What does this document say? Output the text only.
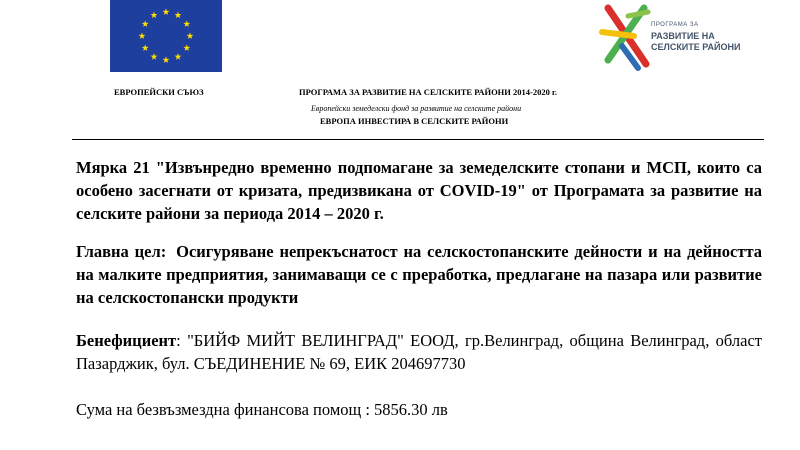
ПРОГРАМА ЗА
РАЗВИТИЕ НА
СЕЛСКИТЕ РАЙОНИ
ЕВРОПЕЙСКИ СЪЮЗ	ПРОГРАМА ЗА РАЗВИТИЕ НА СЕЛСКИТЕ РАЙОНИ 2014-2020 г.
Европейски земеделски фонд за развитие на селските райони
ЕВРОПА ИНВЕСТИРА В СЕЛСКИТЕ РАЙОНИ
Мярка 21 "Извънредно временно подпомагане за земеделските стопани и МСП, които са особено засегнати от кризата, предизвикана от COVID-19" от Програмата за развитие на селските райони за периода 2014 – 2020 г.
Главна цел: Осигуряване непрекъснатост на селскостопанските дейности и на дейността на малките предприятия, занимаващи се с преработка, предлагане на пазара или развитие на селскостопански продукти
Бенефициент: "БИЙФ МИЙТ ВЕЛИНГРАД" ЕООД, гр.Велинград, община Велинград, област Пазарджик, бул. СЪЕДИНЕНИЕ № 69, ЕИК 204697730
Сума на безвъзмездна финансова помощ : 5856.30 лв
